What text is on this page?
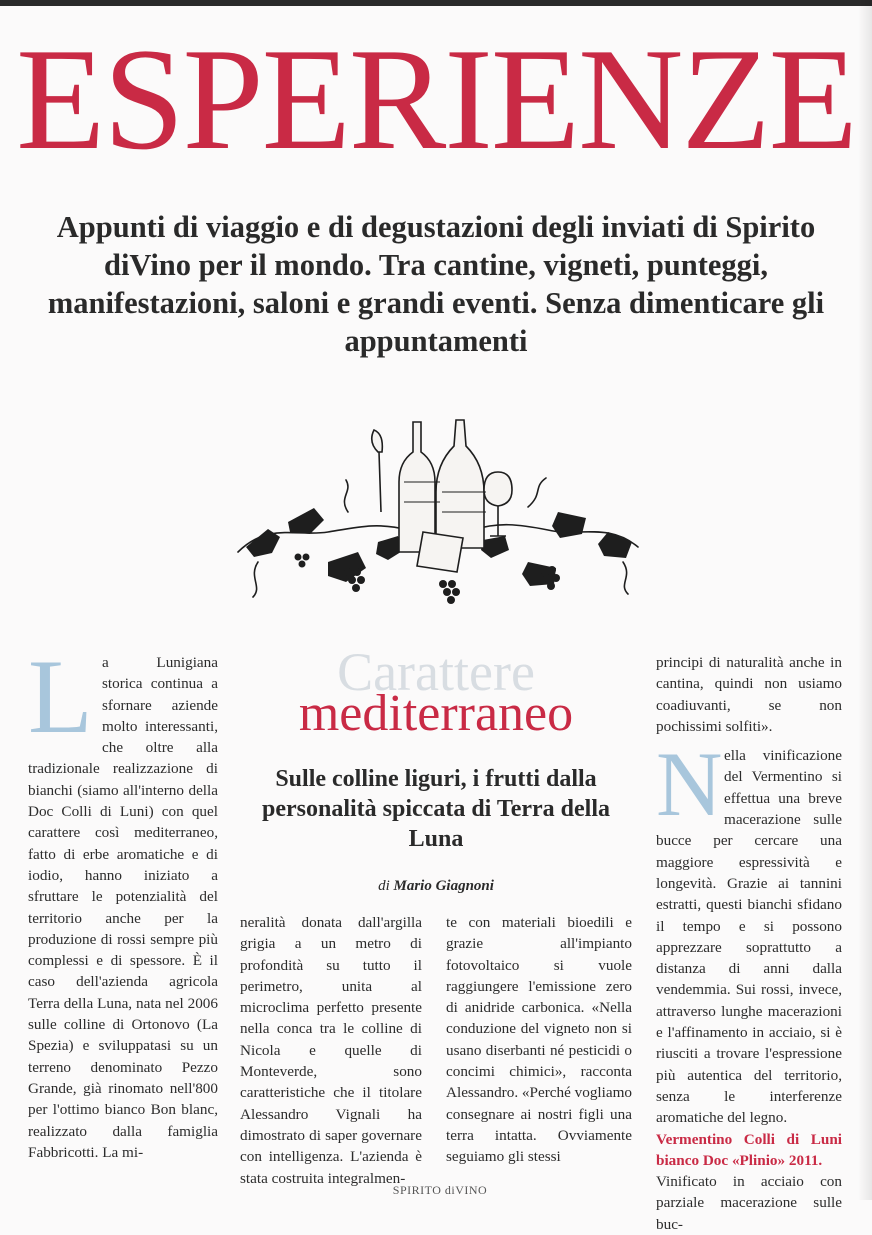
ESPERIENZE
Appunti di viaggio e di degustazioni degli inviati di Spirito diVino per il mondo. Tra cantine, vigneti, punteggi, manifestazioni, saloni e grandi eventi. Senza dimenticare gli appuntamenti
Carattere
mediterraneo
Sulle colline liguri, i frutti dalla personalità spiccata di Terra della Luna
di Mario Giagnoni
L a Lunigiana storica continua a sfornare aziende molto interessanti, che oltre alla tradizionale realizzazione di bianchi (siamo all'interno della Doc Colli di Luni) con quel carattere così mediterraneo, fatto di erbe aromatiche e di iodio, hanno iniziato a sfruttare le potenzialità del territorio anche per la produzione di rossi sempre più complessi e di spessore. È il caso dell'azienda agricola Terra della Luna, nata nel 2006 sulle colline di Ortonovo (La Spezia) e sviluppatasi su un terreno denominato Pezzo Grande, già rinomato nell'800 per l'ottimo bianco Bon blanc, realizzato dalla famiglia Fabbricotti. La mi-

neralità donata dall'argilla grigia a un metro di profondità su tutto il perimetro, unita al microclima perfetto presente nella conca tra le colline di Nicola e quelle di Monteverde, sono caratteristiche che il titolare Alessandro Vignali ha dimostrato di saper governare con intelligenza. L'azienda è stata costruita integralmen-

te con materiali bioedili e grazie all'impianto fotovoltaico si vuole raggiungere l'emissione zero di anidride carbonica. «Nella conduzione del vigneto non si usano diserbanti né pesticidi o concimi chimici», racconta Alessandro. «Perché vogliamo consegnare ai nostri figli una terra intatta. Ovviamente seguiamo gli stessi

principi di naturalità anche in cantina, quindi non usiamo coadiuvanti, se non pochissimi solfiti».

N ella vinificazione del Vermentino si effettua una breve macerazione sulle bucce per cercare una maggiore espressività e longevità. Grazie ai tannini estratti, questi bianchi sfidano il tempo e si possono apprezzare soprattutto a distanza di anni dalla vendemmia. Sui rossi, invece, attraverso lunghe macerazioni e l'affinamento in acciaio, si è riusciti a trovare l'espressione più autentica del territorio, senza le interferenze aromatiche del legno.

Vermentino Colli di Luni bianco Doc «Plinio» 2011.

Vinificato in acciaio con parziale macerazione sulle buc-

SPIRITO diVINO
